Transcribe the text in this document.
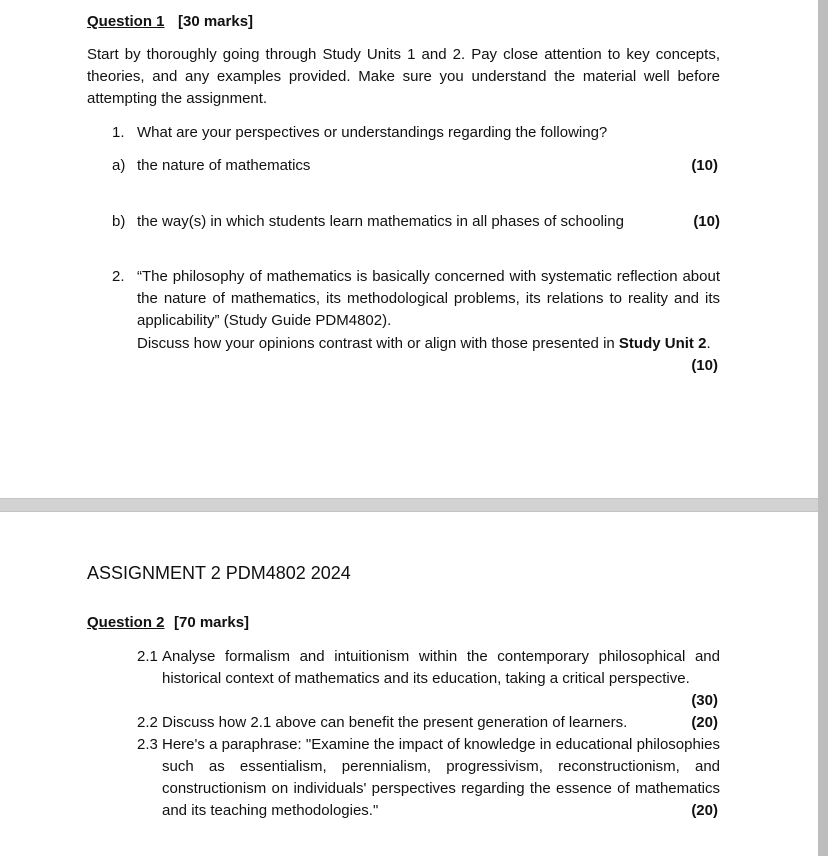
Question 1 [30 marks]
Start by thoroughly going through Study Units 1 and 2. Pay close attention to key concepts, theories, and any examples provided. Make sure you understand the material well before attempting the assignment.
1. What are your perspectives or understandings regarding the following?
a) the nature of mathematics	(10)
b) the way(s) in which students learn mathematics in all phases of schooling	(10)
2. “The philosophy of mathematics is basically concerned with systematic reflection about the nature of mathematics, its methodological problems, its relations to reality and its applicability” (Study Guide PDM4802).
Discuss how your opinions contrast with or align with those presented in Study Unit 2.
(10)
ASSIGNMENT 2 PDM4802 2024
Question 2 [70 marks]
2.1 Analyse formalism and intuitionism within the contemporary philosophical and historical context of mathematics and its education, taking a critical perspective.
(30)
2.2 Discuss how 2.1 above can benefit the present generation of learners.	(20)
2.3 Here's a paraphrase: "Examine the impact of knowledge in educational philosophies such as essentialism, perennialism, progressivism, reconstructionism, and constructionism on individuals' perspectives regarding the essence of mathematics and its teaching methodologies."	(20)
